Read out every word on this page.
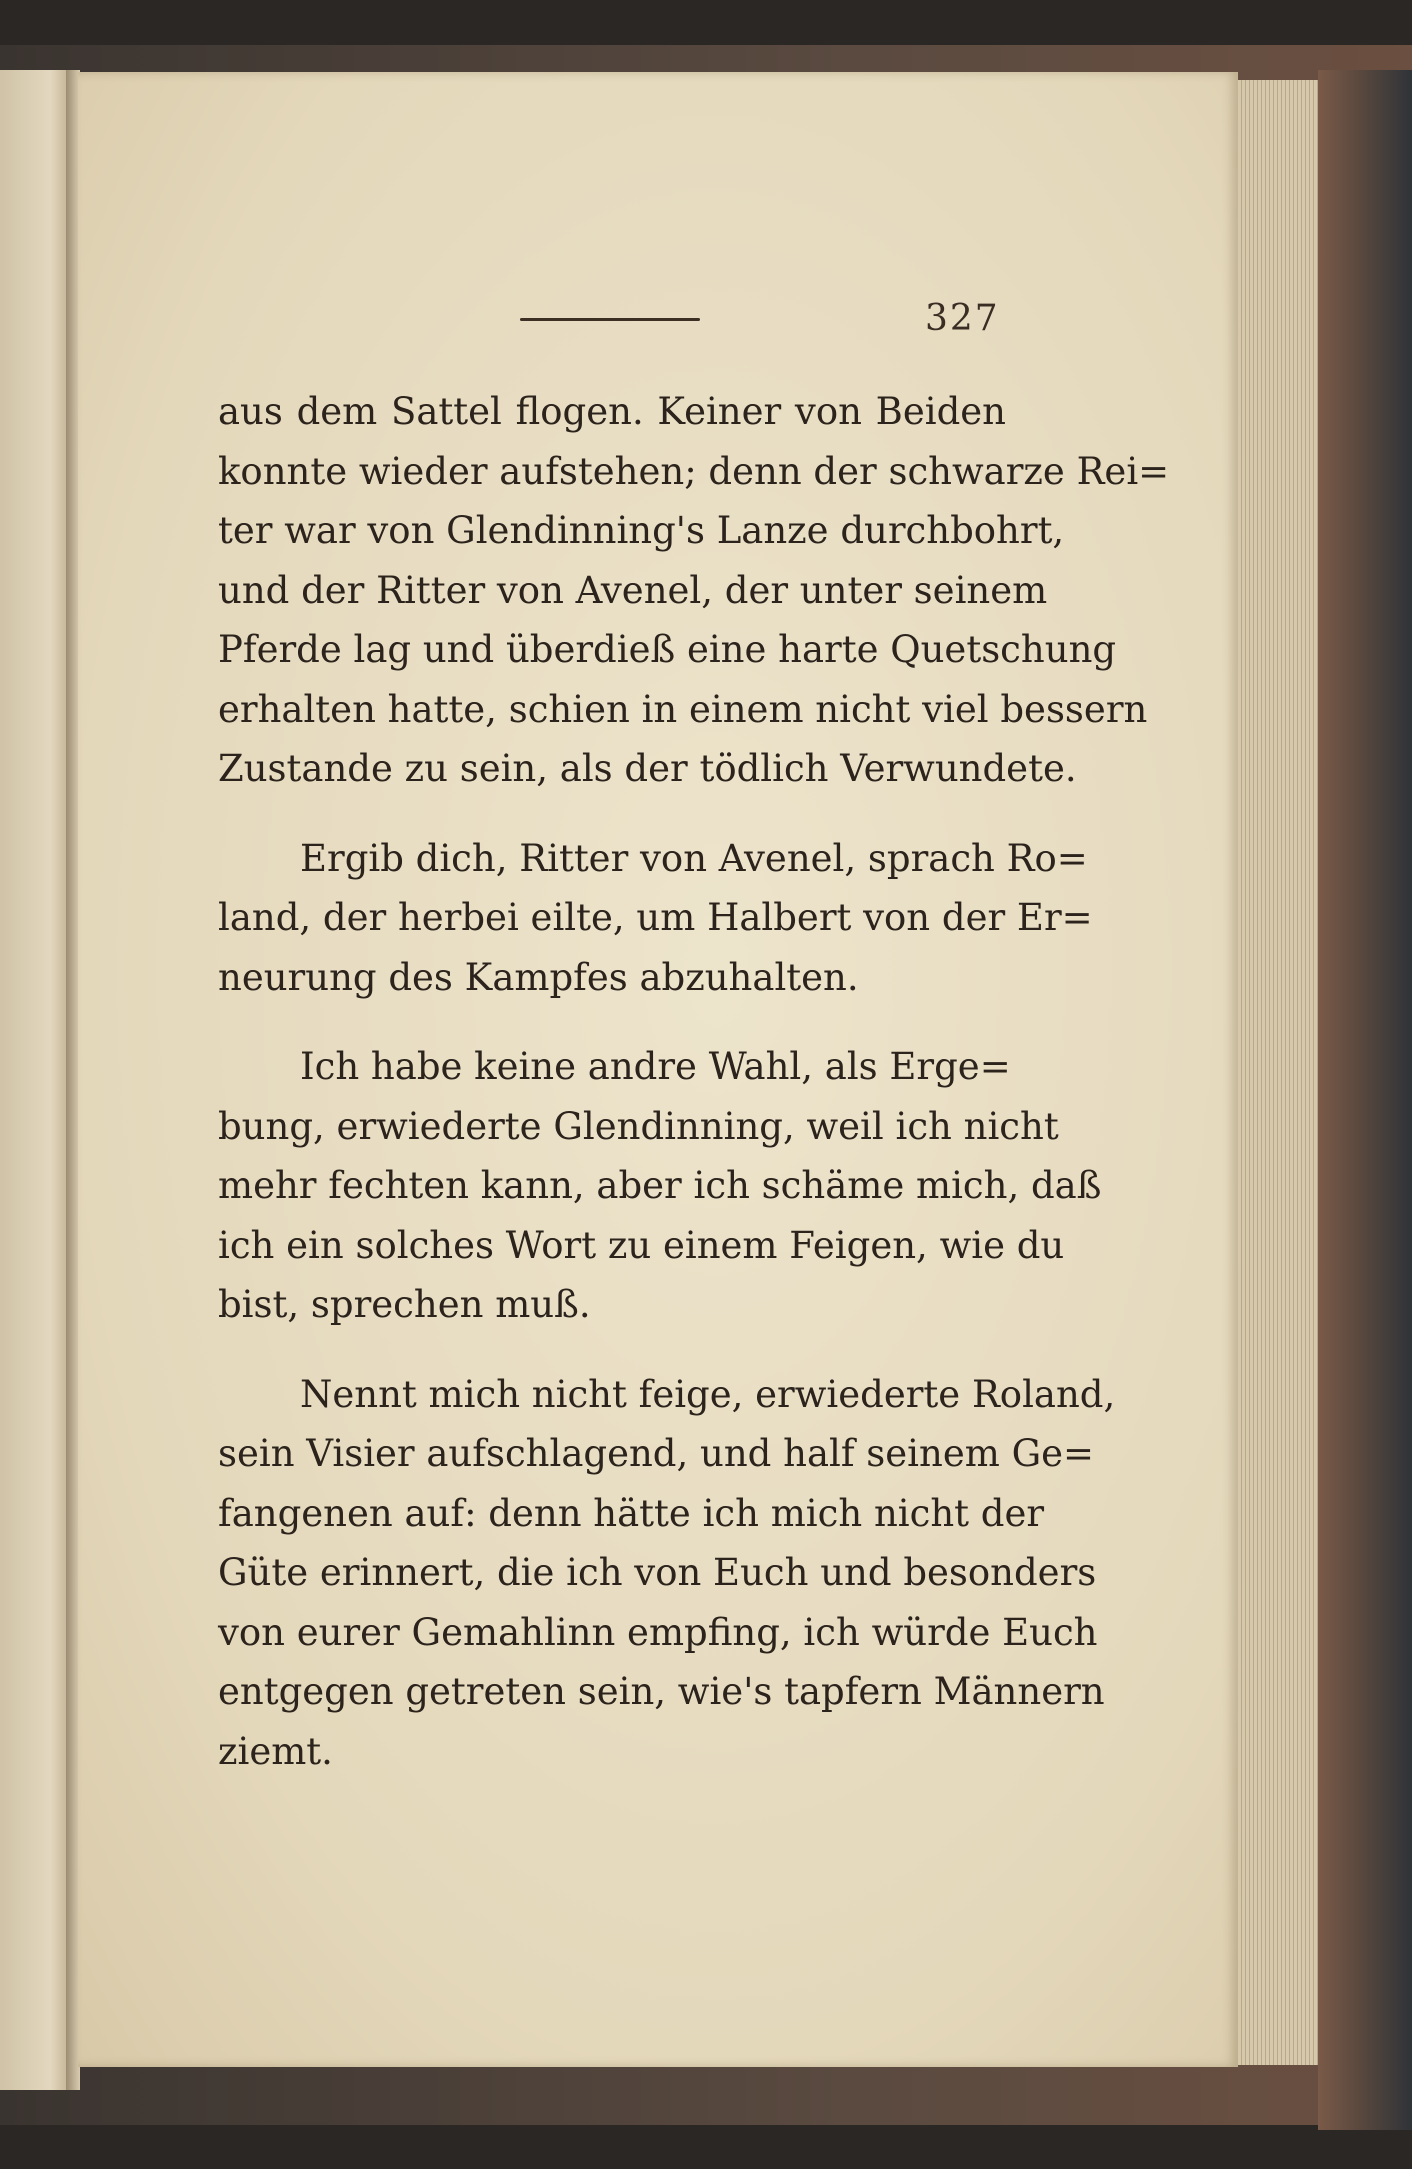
327
aus dem Sattel flogen. Keiner von Beiden
konnte wieder aufstehen; denn der schwarze Rei=
ter war von Glendinning's Lanze durchbohrt,
und der Ritter von Avenel, der unter seinem
Pferde lag und überdieß eine harte Quetschung
erhalten hatte, schien in einem nicht viel bessern
Zustande zu sein, als der tödlich Verwundete.
Ergib dich, Ritter von Avenel, sprach Ro=
land, der herbei eilte, um Halbert von der Er=
neurung des Kampfes abzuhalten.
Ich habe keine andre Wahl, als Erge=
bung, erwiederte Glendinning, weil ich nicht
mehr fechten kann, aber ich schäme mich, daß
ich ein solches Wort zu einem Feigen, wie du
bist, sprechen muß.
Nennt mich nicht feige, erwiederte Roland,
sein Visier aufschlagend, und half seinem Ge=
fangenen auf: denn hätte ich mich nicht der
Güte erinnert, die ich von Euch und besonders
von eurer Gemahlinn empfing, ich würde Euch
entgegen getreten sein, wie's tapfern Männern
ziemt.
